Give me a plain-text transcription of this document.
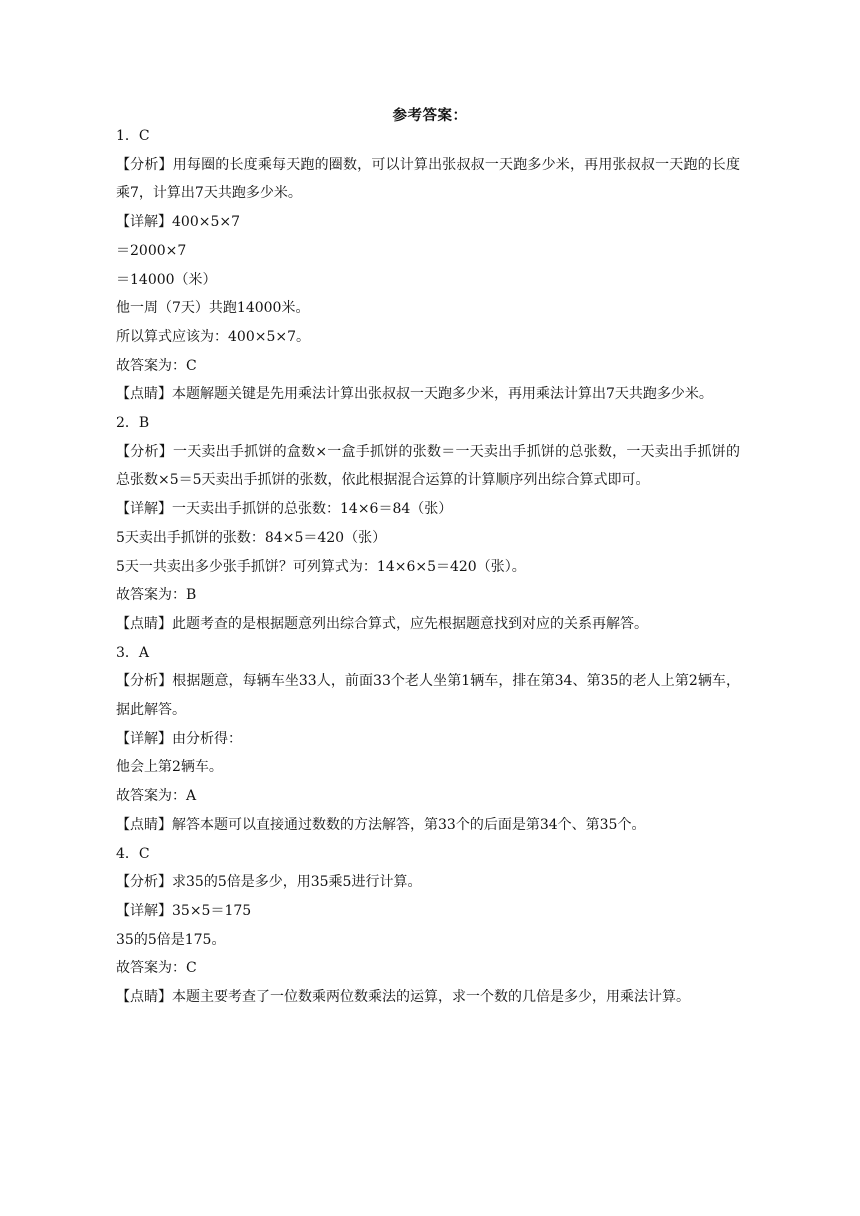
参考答案：

1．C

【分析】用每圈的长度乘每天跑的圈数，可以计算出张叔叔一天跑多少米，再用张叔叔一天跑的长度乘7，计算出7天共跑多少米。

【详解】400×5×7

＝2000×7

＝14000（米）

他一周（7天）共跑14000米。

所以算式应该为：400×5×7。

故答案为：C

【点睛】本题解题关键是先用乘法计算出张叔叔一天跑多少米，再用乘法计算出7天共跑多少米。

2．B

【分析】一天卖出手抓饼的盒数×一盒手抓饼的张数＝一天卖出手抓饼的总张数，一天卖出手抓饼的总张数×5＝5天卖出手抓饼的张数，依此根据混合运算的计算顺序列出综合算式即可。

【详解】一天卖出手抓饼的总张数：14×6＝84（张）

5天卖出手抓饼的张数：84×5＝420（张）

5天一共卖出多少张手抓饼？可列算式为：14×6×5＝420（张）。

故答案为：B

【点睛】此题考查的是根据题意列出综合算式，应先根据题意找到对应的关系再解答。

3．A

【分析】根据题意，每辆车坐33人，前面33个老人坐第1辆车，排在第34、第35的老人上第2辆车，据此解答。

【详解】由分析得：

他会上第2辆车。

故答案为：A

【点睛】解答本题可以直接通过数数的方法解答，第33个的后面是第34个、第35个。

4．C

【分析】求35的5倍是多少，用35乘5进行计算。

【详解】35×5＝175

35的5倍是175。

故答案为：C

【点睛】本题主要考查了一位数乘两位数乘法的运算，求一个数的几倍是多少，用乘法计算。
